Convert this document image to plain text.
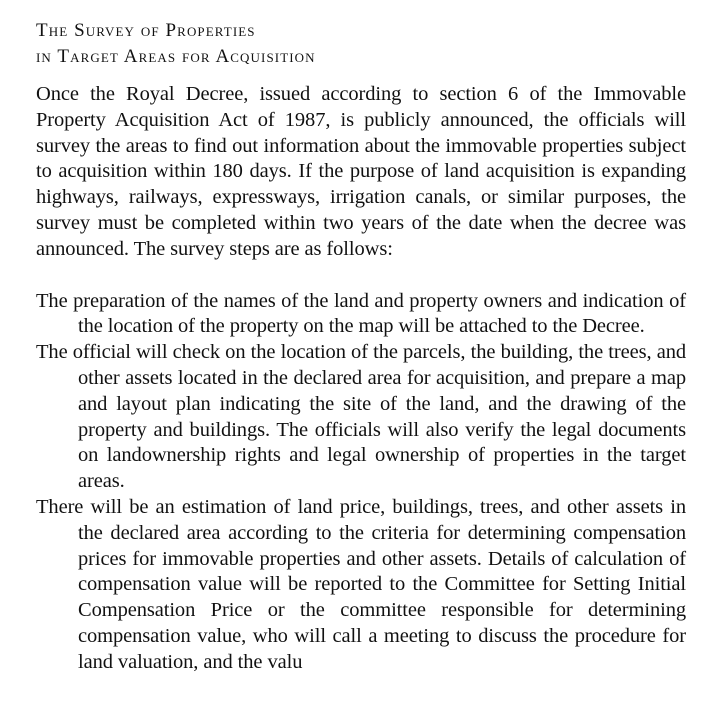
The Survey of Properties
in Target Areas for Acquisition

Once the Royal Decree, issued according to section 6 of the Immovable Property Acquisition Act of 1987, is publicly announced, the officials will survey the areas to find out information about the immovable properties subject to acquisition within 180 days. If the purpose of land acquisition is expanding highways, railways, expressways, irrigation canals, or similar purposes, the survey must be completed within two years of the date when the decree was announced. The survey steps are as follows:

The preparation of the names of the land and property owners and indication of the location of the property on the map will be attached to the Decree.
The official will check on the location of the parcels, the building, the trees, and other assets located in the declared area for acquisition, and prepare a map and layout plan indicating the site of the land, and the drawing of the property and buildings. The officials will also verify the legal documents on landownership rights and legal ownership of properties in the target areas.
There will be an estimation of land price, buildings, trees, and other assets in the declared area according to the criteria for determining compensation prices for immovable properties and other assets. Details of calculation of compensation value will be reported to the Committee for Setting Initial Compensation Price or the committee responsible for determining compensation value, who will call a meeting to discuss the procedure for land valuation, and the valu
